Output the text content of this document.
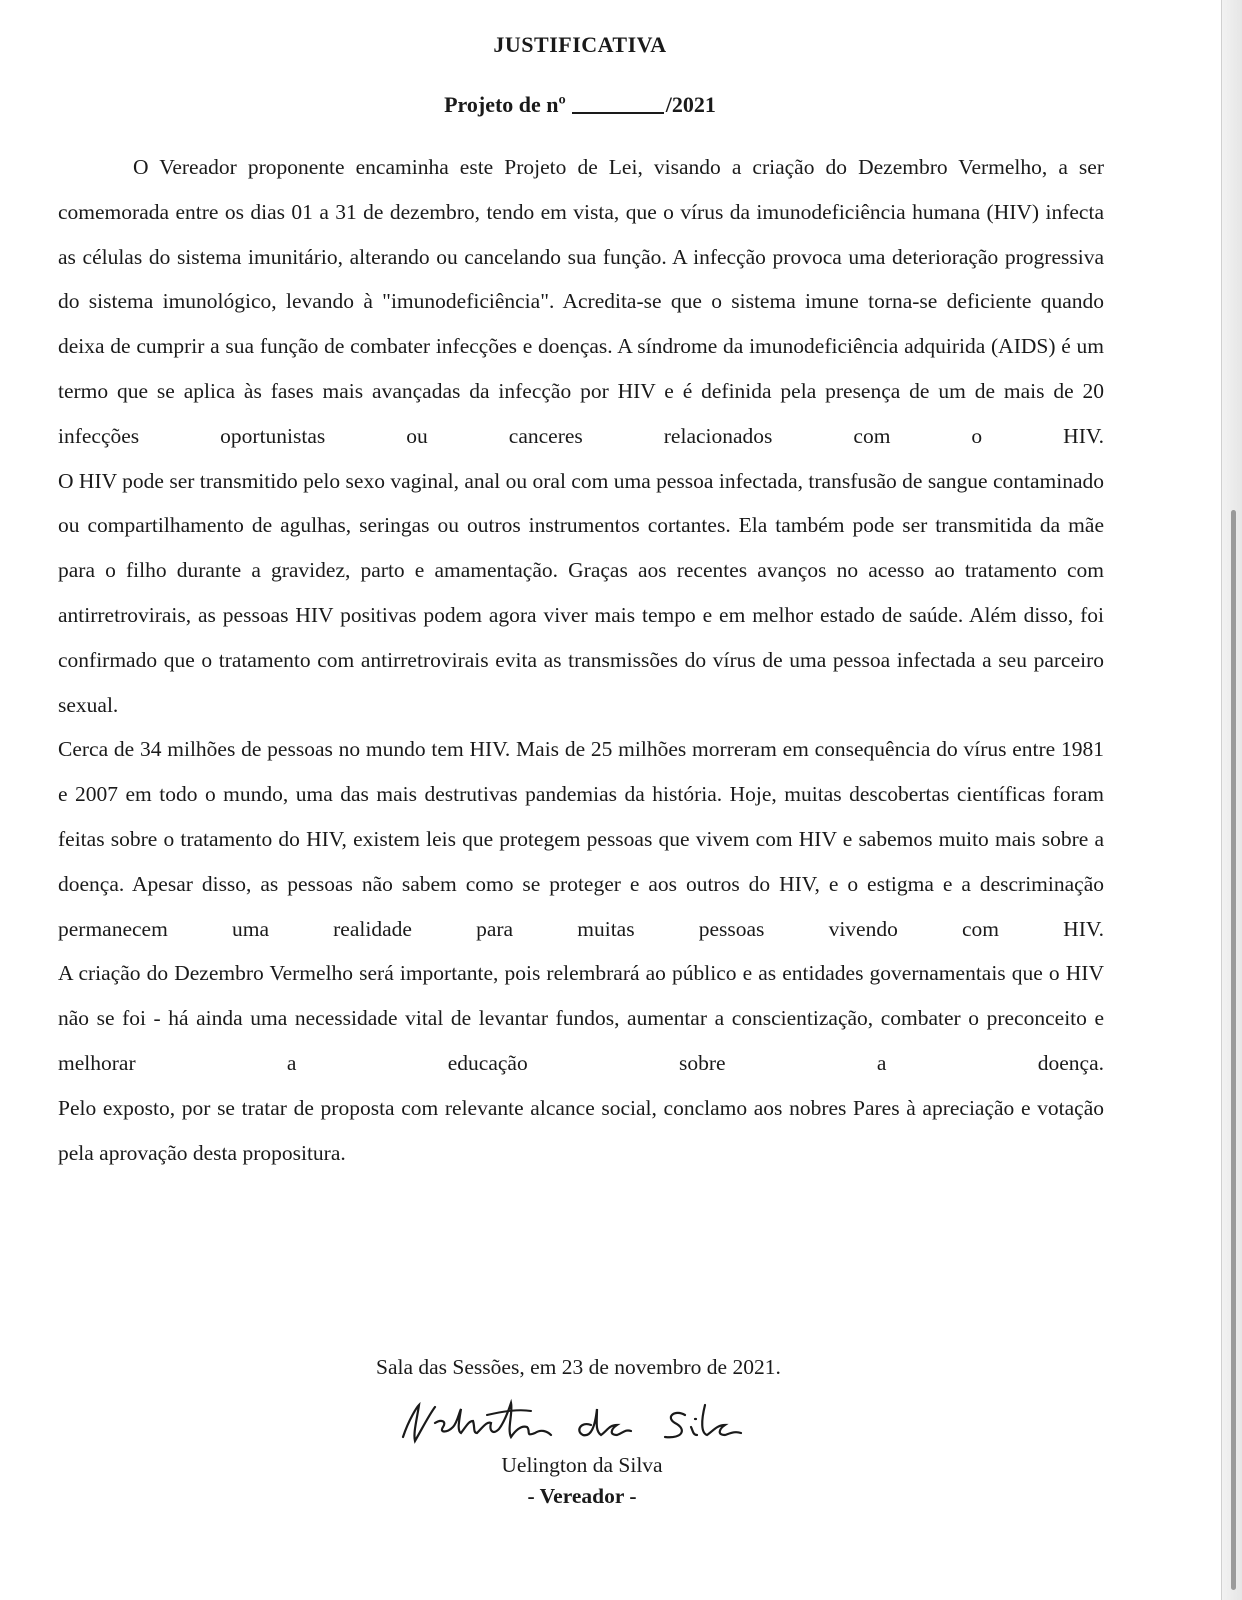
JUSTIFICATIVA
Projeto de nº	/2021

O Vereador proponente encaminha este Projeto de Lei, visando a criação do Dezembro Vermelho, a ser comemorada entre os dias 01 a 31 de dezembro, tendo em vista, que o vírus da imunodeficiência humana (HIV) infecta as células do sistema imunitário, alterando ou cancelando sua função. A infecção provoca uma deterioração progressiva do sistema imunológico, levando à "imunodeficiência". Acredita-se que o sistema imune torna-se deficiente quando deixa de cumprir a sua função de combater infecções e doenças. A síndrome da imunodeficiência adquirida (AIDS) é um termo que se aplica às fases mais avançadas da infecção por HIV e é definida pela presença de um de mais de 20 infecções oportunistas ou canceres relacionados com o HIV.

O HIV pode ser transmitido pelo sexo vaginal, anal ou oral com uma pessoa infectada, transfusão de sangue contaminado ou compartilhamento de agulhas, seringas ou outros instrumentos cortantes. Ela também pode ser transmitida da mãe para o filho durante a gravidez, parto e amamentação. Graças aos recentes avanços no acesso ao tratamento com antirretrovirais, as pessoas HIV positivas podem agora viver mais tempo e em melhor estado de saúde. Além disso, foi confirmado que o tratamento com antirretrovirais evita as transmissões do vírus de uma pessoa infectada a seu parceiro sexual.

Cerca de 34 milhões de pessoas no mundo tem HIV. Mais de 25 milhões morreram em consequência do vírus entre 1981 e 2007 em todo o mundo, uma das mais destrutivas pandemias da história. Hoje, muitas descobertas científicas foram feitas sobre o tratamento do HIV, existem leis que protegem pessoas que vivem com HIV e sabemos muito mais sobre a doença. Apesar disso, as pessoas não sabem como se proteger e aos outros do HIV, e o estigma e a descriminação permanecem uma realidade para muitas pessoas vivendo com HIV.

A criação do Dezembro Vermelho será importante, pois relembrará ao público e as entidades governamentais que o HIV não se foi - há ainda uma necessidade vital de levantar fundos, aumentar a conscientização, combater o preconceito e melhorar a educação sobre a doença.

Pelo exposto, por se tratar de proposta com relevante alcance social, conclamo aos nobres Pares à apreciação e votação pela aprovação desta propositura.

Sala das Sessões, em 23 de novembro de 2021.
Uelington da Silva
- Vereador -
